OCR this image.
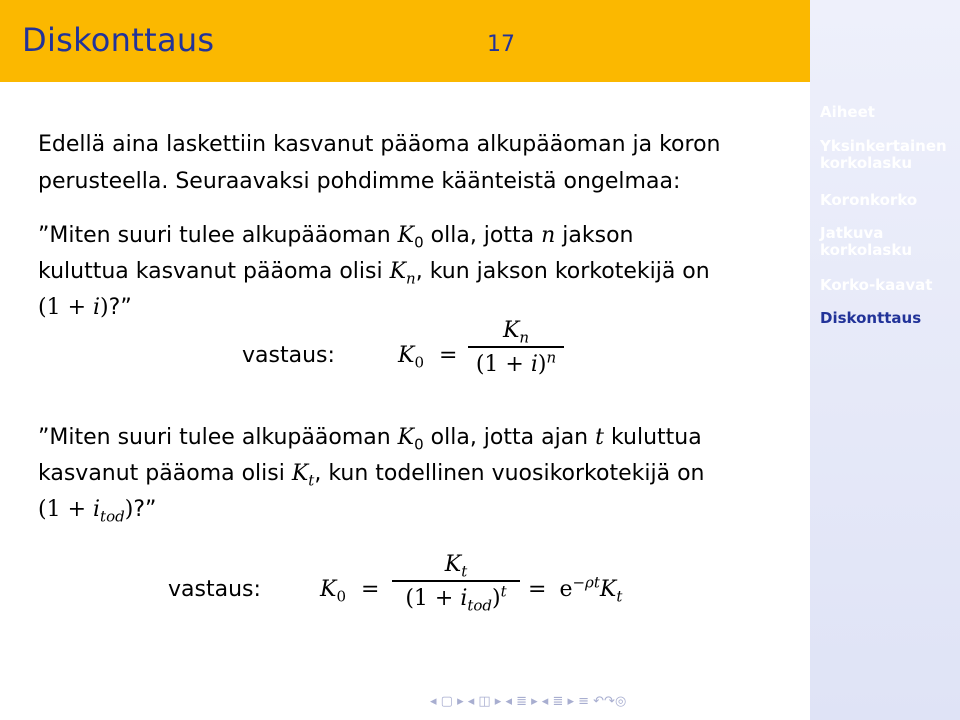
Diskonttaus	17
Aiheet
Yksinkertainen korkolasku
Koronkorko
Jatkuva korkolasku
Korko-kaavat
Diskonttaus
Edellä aina laskettiin kasvanut pääoma alkupääoman ja koron
perusteella. Seuraavaksi pohdimme käänteistä ongelmaa:
”Miten suuri tulee alkupääoman $K_0$ olla, jotta n jakson
kuluttua kasvanut pääoma olisi $K_n$, kun jakson korkotekijä on
(1 + i)?”
vastaus:	$K_0$ =
$K_n$
$(1 + i)^n$
”Miten suuri tulee alkupääoman $K_0$ olla, jotta ajan t kuluttua
kasvanut pääoma olisi $K_t$, kun todellinen vuosikorkotekijä on
$(1 + i_{tod})$?”
vastaus:	$K_0$ =
$K_t$
$(1 + i_{tod})^t = e^{-\rho t}K_t$
◂ ▢ ▸ ◂ ◫ ▸ ◂ ≣ ▸ ◂ ≣ ▸ ≡ ↶↷◎
